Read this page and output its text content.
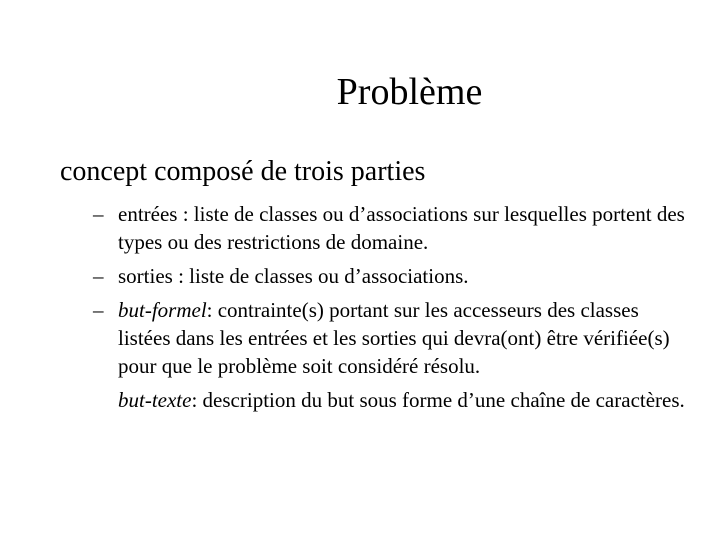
Problème
concept composé de trois parties
– entrées : liste de classes ou d’associations sur lesquelles portent des types ou des restrictions de domaine.
– sorties : liste de classes ou d’associations.
– but-formel: contrainte(s) portant sur les accesseurs des classes listées dans les entrées et les sorties qui devra(ont) être vérifiée(s) pour que le problème soit considéré résolu.
but-texte: description du but sous forme d’une chaîne de caractères.
